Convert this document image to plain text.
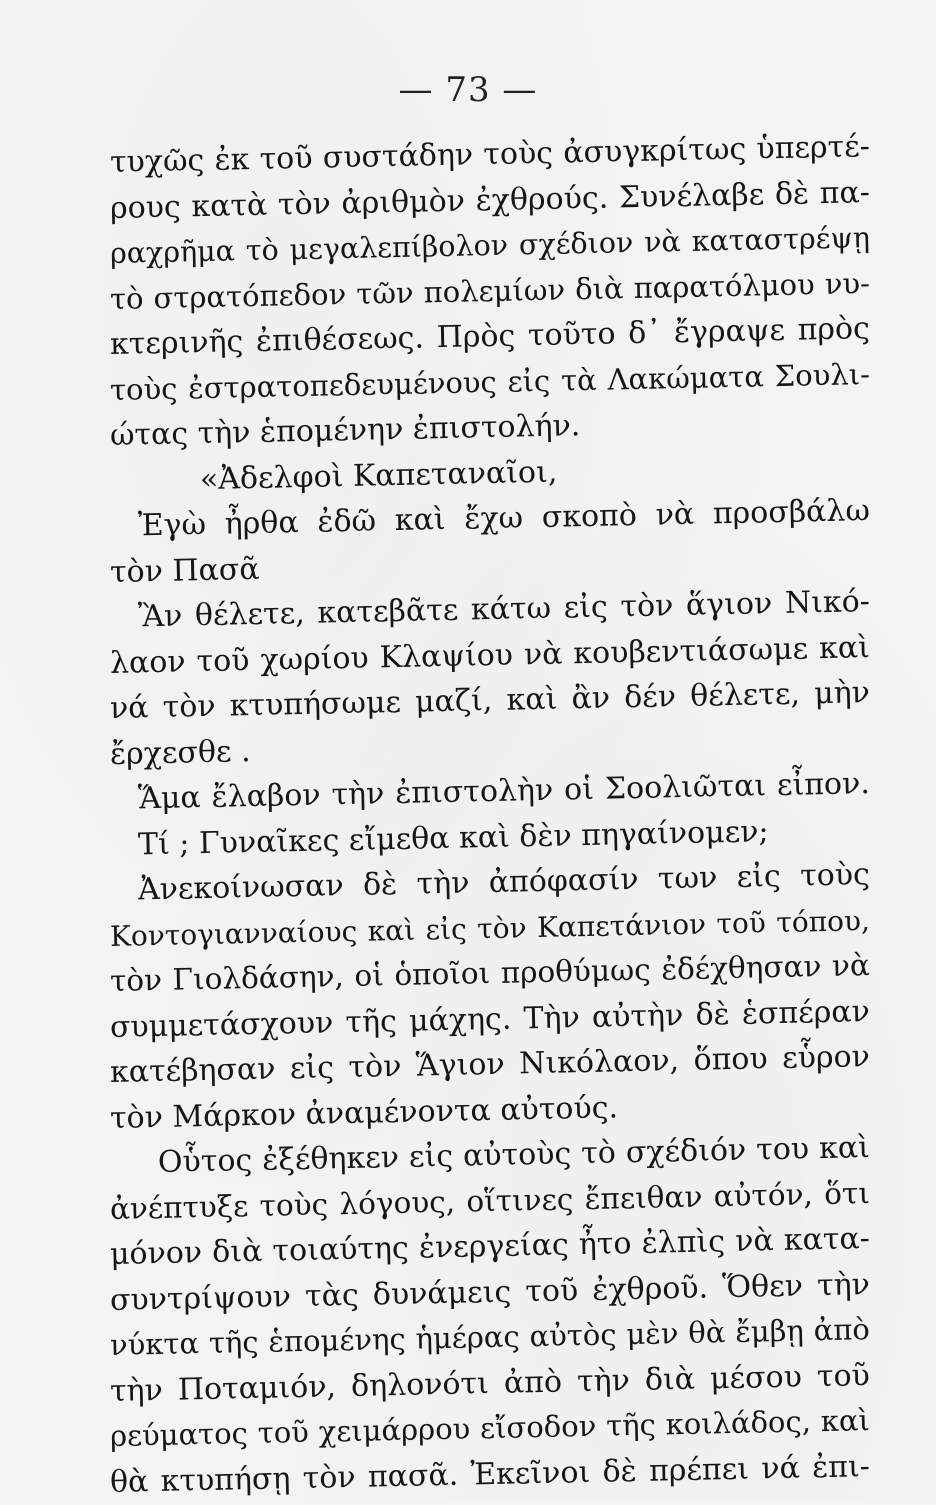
— 73 —
τυχῶς ἐκ τοῦ συστάδην τοὺς ἀσυγκρίτως ὑπερτέ-
ρους κατὰ τὸν ἀριθμὸν ἐχθρούς. Συνέλαβε δὲ πα-
ραχρῆμα τὸ μεγαλεπίβολον σχέδιον νὰ καταστρέψῃ
τὸ στρατόπεδον τῶν πολεμίων διὰ παρατόλμου νυ-
κτερινῆς ἐπιθέσεως. Πρὸς τοῦτο δ᾿ ἔγραψε πρὸς
τοὺς ἐστρατοπεδευμένους εἰς τὰ Λακώματα Σουλι-
ώτας τὴν ἑπομένην ἐπιστολήν.
«Ἀδελφοὶ Καπεταναῖοι,
Ἐγὼ ἦρθα ἐδῶ καὶ ἔχω σκοπὸ νὰ προσβάλω
τὸν Πασᾶ
Ἂν θέλετε, κατεβᾶτε κάτω εἰς τὸν ἅγιον Νικό-
λαον τοῦ χωρίου Κλαψίου νὰ κουβεντιάσωμε καὶ
νά τὸν κτυπήσωμε μαζί, καὶ ἂν δέν θέλετε, μὴν
ἔρχεσθε .
Ἅμα ἔλαβον τὴν ἐπιστολὴν οἱ Σοολιῶται εἶπον.
Τί ; Γυναῖκες εἴμεθα καὶ δὲν πηγαίνομεν;
Ἀνεκοίνωσαν δὲ τὴν ἀπόφασίν των εἰς τοὺς
Κοντογιανναίους καὶ εἰς τὸν Καπετάνιον τοῦ τόπου,
τὸν Γιολδάσην, οἱ ὁποῖοι προθύμως ἐδέχθησαν νὰ
συμμετάσχουν τῆς μάχης. Τὴν αὐτὴν δὲ ἑσπέραν
κατέβησαν εἰς τὸν Ἅγιον Νικόλαον, ὅπου εὗρον
τὸν Μάρκον ἀναμένοντα αὐτούς.
Οὗτος ἐξέθηκεν εἰς αὐτοὺς τὸ σχέδιόν του καὶ
ἀνέπτυξε τοὺς λόγους, οἵτινες ἔπειθαν αὐτόν, ὅτι
μόνον διὰ τοιαύτης ἐνεργείας ἦτο ἐλπὶς νὰ κατα-
συντρίψουν τὰς δυνάμεις τοῦ ἐχθροῦ. Ὅθεν τὴν
νύκτα τῆς ἑπομένης ἡμέρας αὐτὸς μὲν θὰ ἔμβῃ ἀπὸ
τὴν Ποταμιόν, δηλονότι ἀπὸ τὴν διὰ μέσου τοῦ
ρεύματος τοῦ χειμάρρου εἴσοδον τῆς κοιλάδος, καὶ
θὰ κτυπήσῃ τὸν πασᾶ. Ἐκεῖνοι δὲ πρέπει νά ἐπι-
